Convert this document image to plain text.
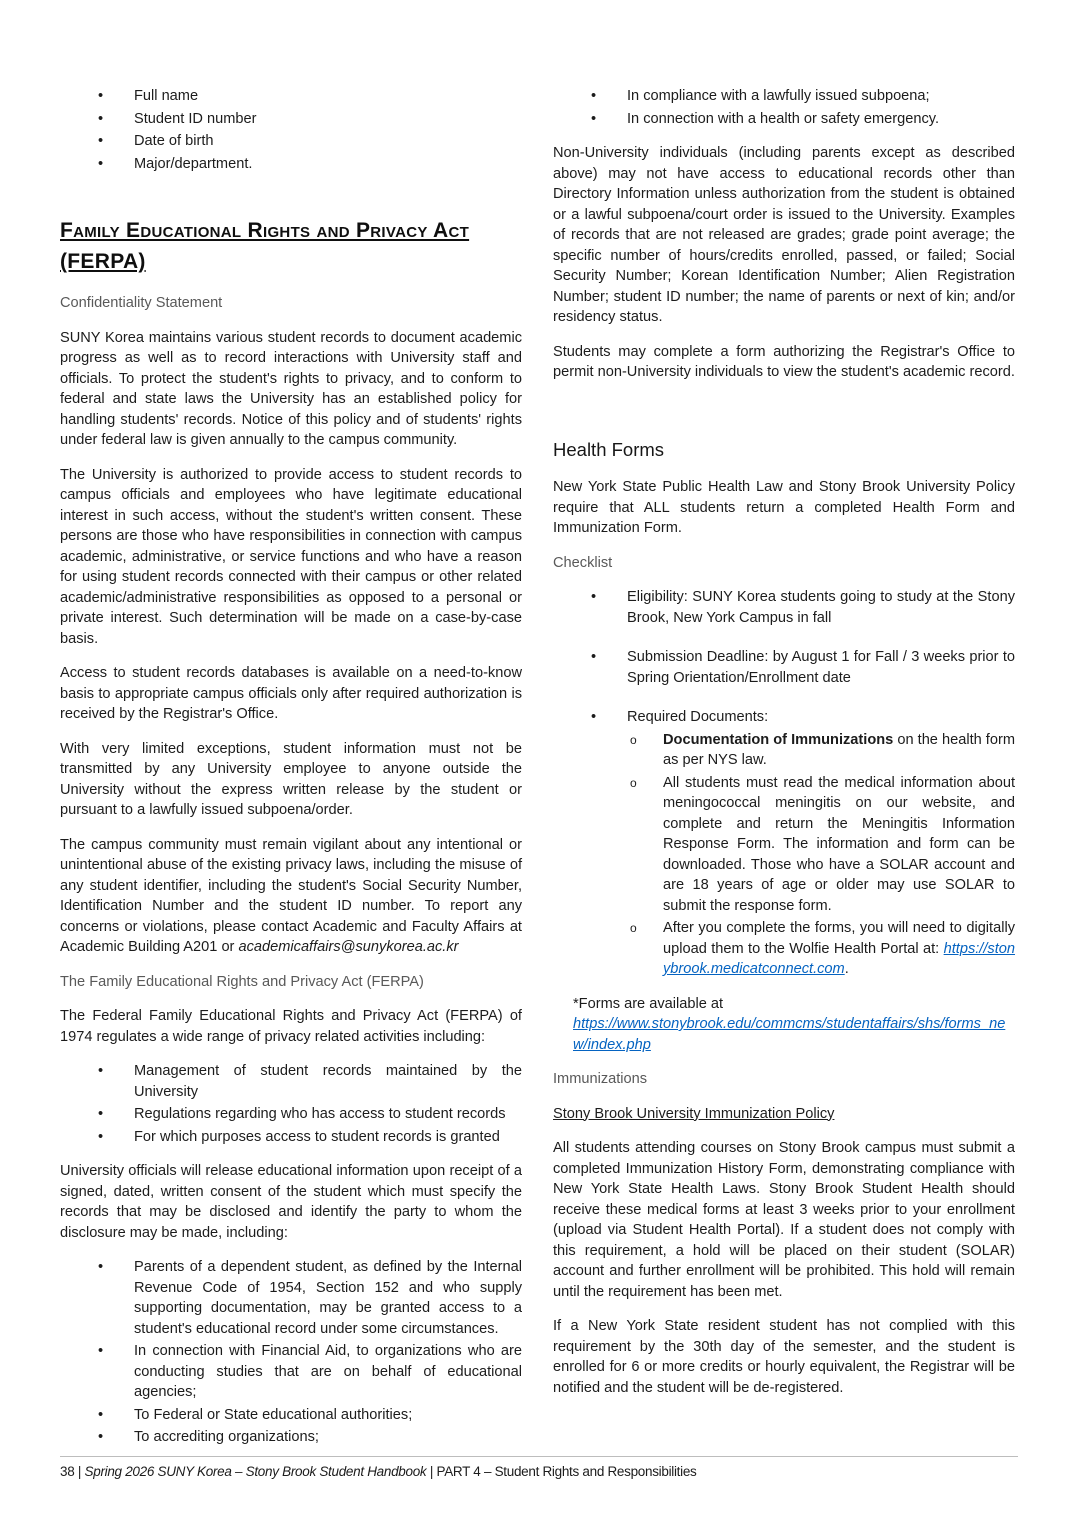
•	Full name
•	Student ID number
•	Date of birth
•	Major/department.
Family Educational Rights and Privacy Act (FERPA)
Confidentiality Statement

SUNY Korea maintains various student records to document academic progress as well as to record interactions with University staff and officials. To protect the student's rights to privacy, and to conform to federal and state laws the University has an established policy for handling students' records. Notice of this policy and of students' rights under federal law is given annually to the campus community.

The University is authorized to provide access to student records to campus officials and employees who have legitimate educational interest in such access, without the student's written consent. These persons are those who have responsibilities in connection with campus academic, administrative, or service functions and who have a reason for using student records connected with their campus or other related academic/administrative responsibilities as opposed to a personal or private interest. Such determination will be made on a case-by-case basis.

Access to student records databases is available on a need-to-know basis to appropriate campus officials only after required authorization is received by the Registrar's Office.

With very limited exceptions, student information must not be transmitted by any University employee to anyone outside the University without the express written release by the student or pursuant to a lawfully issued subpoena/order.

The campus community must remain vigilant about any intentional or unintentional abuse of the existing privacy laws, including the misuse of any student identifier, including the student's Social Security Number, Identification Number and the student ID number. To report any concerns or violations, please contact Academic and Faculty Affairs at Academic Building A201 or academicaffairs@sunykorea.ac.kr

The Family Educational Rights and Privacy Act (FERPA)

The Federal Family Educational Rights and Privacy Act (FERPA) of 1974 regulates a wide range of privacy related activities including:

•	Management of student records maintained by the University
•	Regulations regarding who has access to student records
•	For which purposes access to student records is granted

University officials will release educational information upon receipt of a signed, dated, written consent of the student which must specify the records that may be disclosed and identify the party to whom the disclosure may be made, including:

•	Parents of a dependent student, as defined by the Internal Revenue Code of 1954, Section 152 and who supply supporting documentation, may be granted access to a student's educational record under some circumstances.
•	In connection with Financial Aid, to organizations who are conducting studies that are on behalf of educational agencies;
•	To Federal or State educational authorities;
•	To accrediting organizations;
•	In compliance with a lawfully issued subpoena;
•	In connection with a health or safety emergency.

Non-University individuals (including parents except as described above) may not have access to educational records other than Directory Information unless authorization from the student is obtained or a lawful subpoena/court order is issued to the University. Examples of records that are not released are grades; grade point average; the specific number of hours/credits enrolled, passed, or failed; Social Security Number; Korean Identification Number; Alien Registration Number; student ID number; the name of parents or next of kin; and/or residency status.

Students may complete a form authorizing the Registrar's Office to permit non-University individuals to view the student's academic record.

Health Forms

New York State Public Health Law and Stony Brook University Policy require that ALL students return a completed Health Form and Immunization Form.

Checklist
•	Eligibility: SUNY Korea students going to study at the Stony Brook, New York Campus in fall
•	Submission Deadline: by August 1 for Fall / 3 weeks prior to Spring Orientation/Enrollment date
•	Required Documents:
o	Documentation of Immunizations on the health form as per NYS law.
o	All students must read the medical information about meningococcal meningitis on our website, and complete and return the Meningitis Information Response Form. The information and form can be downloaded. Those who have a SOLAR account and are 18 years of age or older may use SOLAR to submit the response form.
o	After you complete the forms, you will need to digitally upload them to the Wolfie Health Portal at: https://stonybrook.medicatconnect.com.
*Forms are available at
https://www.stonybrook.edu/commcms/studentaffairs/shs/forms_new/index.php
Immunizations
Stony Brook University Immunization Policy

All students attending courses on Stony Brook campus must submit a completed Immunization History Form, demonstrating compliance with New York State Health Laws. Stony Brook Student Health should receive these medical forms at least 3 weeks prior to your enrollment (upload via Student Health Portal). If a student does not comply with this requirement, a hold will be placed on their student (SOLAR) account and further enrollment will be prohibited. This hold will remain until the requirement has been met.

If a New York State resident student has not complied with this requirement by the 30th day of the semester, and the student is enrolled for 6 or more credits or hourly equivalent, the Registrar will be notified and the student will be de-registered.

38 | Spring 2026 SUNY Korea – Stony Brook Student Handbook | PART 4 – Student Rights and Responsibilities
